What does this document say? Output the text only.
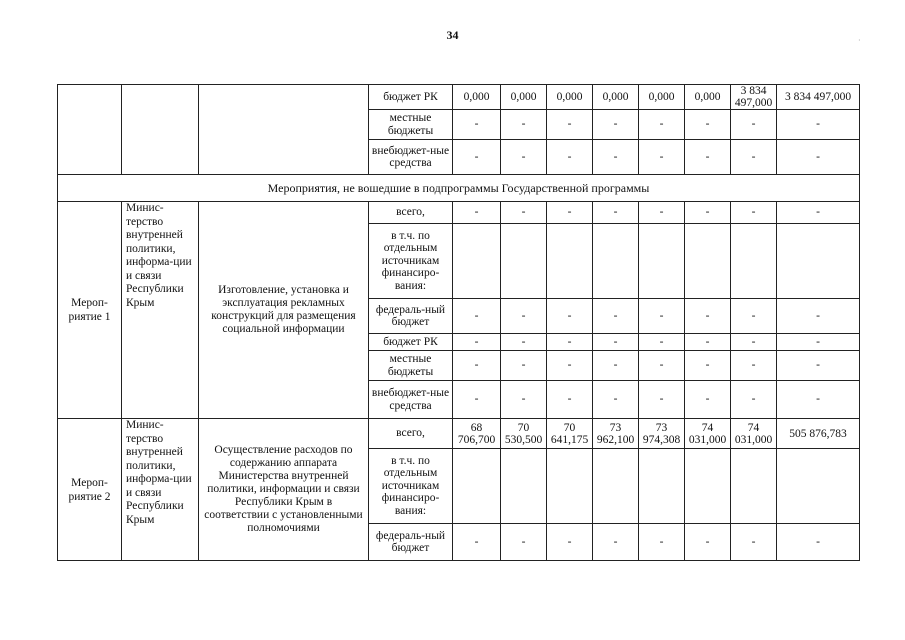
34	·
			бюджет РК	0,000	0,000	0,000	0,000	0,000	0,000	3 834 497,000	3 834 497,000
			местные бюджеты	-	-	-	-	-	-	-	-
			внебюджет-ные средства	-	-	-	-	-	-	-	-
Мероприятия, не вошедшие в подпрограммы Государственной программы											
Мероп-риятие 1	Минис-терство внутренней политики, информа-ции и связи Республики Крым	Изготовление, установка и эксплуатация рекламных конструкций для размещения социальной информации	всего,	-	-	-	-	-	-	-	-
			в т.ч. по отдельным источникам финансиро-вания:								
			федераль-ный бюджет	-	-	-	-	-	-	-	-
			бюджет РК	-	-	-	-	-	-	-	-
			местные бюджеты	-	-	-	-	-	-	-	-
			внебюджет-ные средства	-	-	-	-	-	-	-	-
Мероп-риятие 2	Минис-терство внутренней политики, информа-ции и связи Республики Крым	Осуществление расходов по содержанию аппарата Министерства внутренней политики, информации и связи Республики Крым в соответствии с установленными полномочиями	всего,	68 706,700	70 530,500	70 641,175	73 962,100	73 974,308	74 031,000	74 031,000	505 876,783
			в т.ч. по отдельным источникам финансиро-вания:								
			федераль-ный бюджет	-	-	-	-	-	-	-	-
